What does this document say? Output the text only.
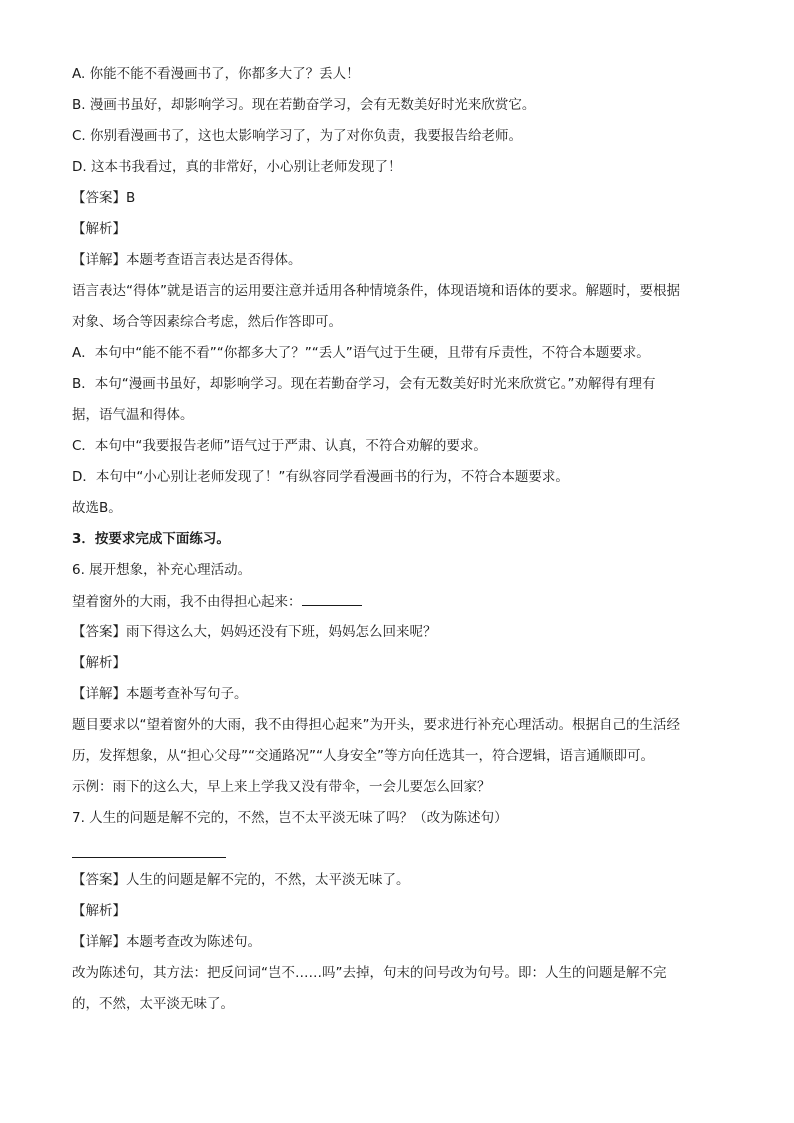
A. 你能不能不看漫画书了，你都多大了？丢人！
B. 漫画书虽好，却影响学习。现在若勤奋学习，会有无数美好时光来欣赏它。
C. 你别看漫画书了，这也太影响学习了，为了对你负责，我要报告给老师。
D. 这本书我看过，真的非常好，小心别让老师发现了！
【答案】B
【解析】
【详解】本题考查语言表达是否得体。
语言表达“得体”就是语言的运用要注意并适用各种情境条件，体现语境和语体的要求。解题时，要根据
对象、场合等因素综合考虑，然后作答即可。
A．本句中“能不能不看”“你都多大了？”“丢人”语气过于生硬，且带有斥责性，不符合本题要求。
B．本句“漫画书虽好，却影响学习。现在若勤奋学习，会有无数美好时光来欣赏它。”劝解得有理有
据，语气温和得体。
C．本句中“我要报告老师”语气过于严肃、认真，不符合劝解的要求。
D．本句中“小心别让老师发现了！”有纵容同学看漫画书的行为，不符合本题要求。
故选B。
3．按要求完成下面练习。
6. 展开想象，补充心理活动。
望着窗外的大雨，我不由得担心起来：
【答案】雨下得这么大，妈妈还没有下班，妈妈怎么回来呢？
【解析】
【详解】本题考查补写句子。
题目要求以“望着窗外的大雨，我不由得担心起来”为开头，要求进行补充心理活动。根据自己的生活经
历，发挥想象，从“担心父母”“交通路况”“人身安全”等方向任选其一，符合逻辑，语言通顺即可。
示例：雨下的这么大，早上来上学我又没有带伞，一会儿要怎么回家？
7. 人生的问题是解不完的，不然，岂不太平淡无味了吗？（改为陈述句）
【答案】人生的问题是解不完的，不然，太平淡无味了。
【解析】
【详解】本题考查改为陈述句。
改为陈述句，其方法：把反问词“岂不……吗”去掉，句末的问号改为句号。即：人生的问题是解不完
的，不然，太平淡无味了。
